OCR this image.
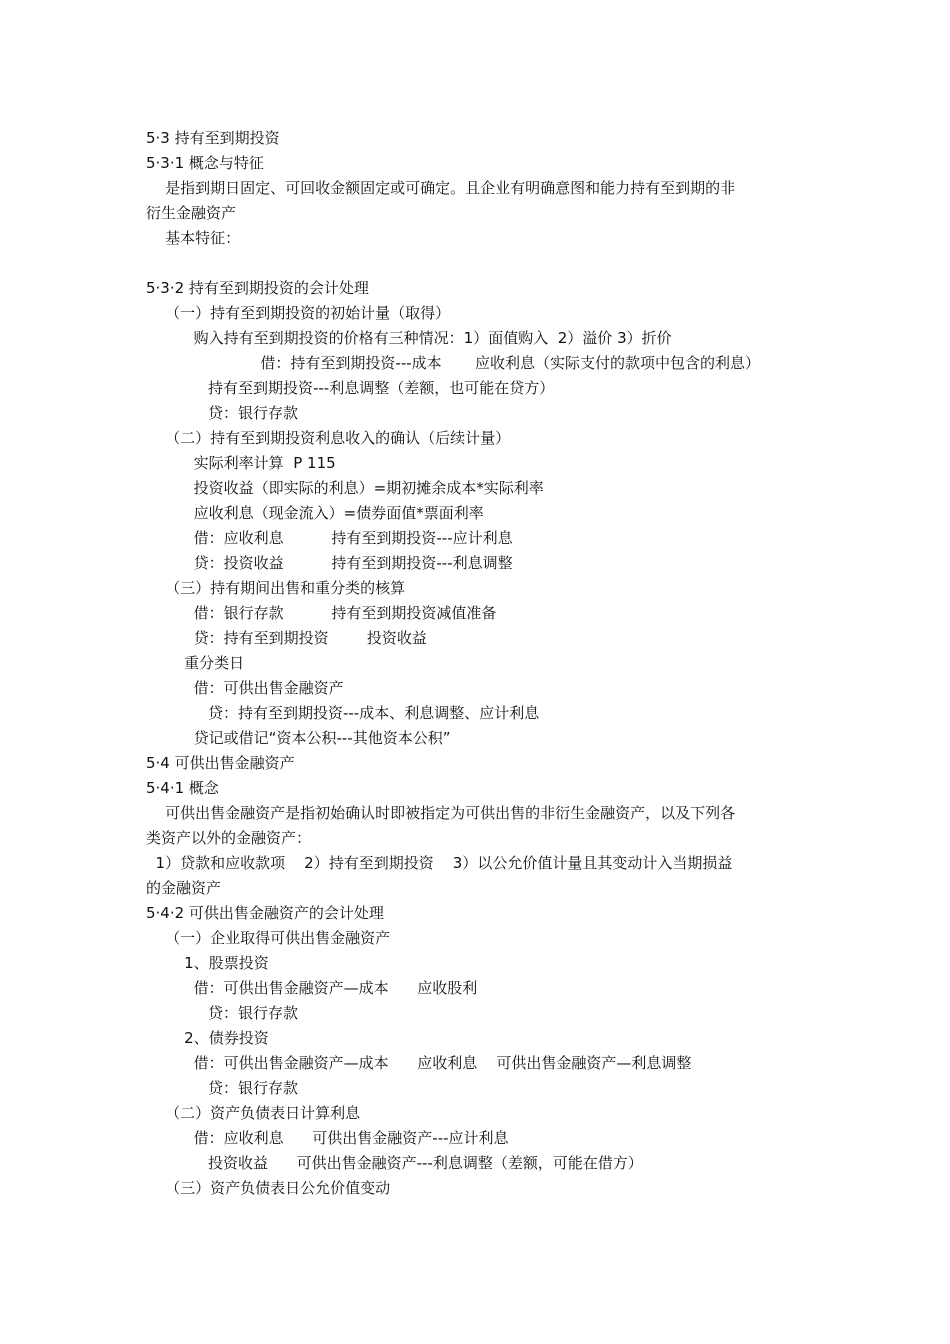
5·3 持有至到期投资
5·3·1 概念与特征
是指到期日固定、可回收金额固定或可确定。且企业有明确意图和能力持有至到期的非
衍生金融资产
基本特征：
5·3·2 持有至到期投资的会计处理
（一）持有至到期投资的初始计量（取得）
购入持有至到期投资的价格有三种情况：1）面值购入  2）溢价 3）折价
借：持有至到期投资---成本       应收利息（实际支付的款项中包含的利息）
持有至到期投资---利息调整（差额，也可能在贷方）
贷：银行存款
（二）持有至到期投资利息收入的确认（后续计量）
实际利率计算  P 115
投资收益（即实际的利息）=期初摊余成本*实际利率
应收利息（现金流入）=债券面值*票面利率
借：应收利息          持有至到期投资---应计利息
贷：投资收益          持有至到期投资---利息调整
（三）持有期间出售和重分类的核算
借：银行存款          持有至到期投资减值准备
贷：持有至到期投资        投资收益
重分类日
借：可供出售金融资产
贷：持有至到期投资---成本、利息调整、应计利息
贷记或借记“资本公积---其他资本公积”
5·4 可供出售金融资产
5·4·1 概念
可供出售金融资产是指初始确认时即被指定为可供出售的非衍生金融资产，以及下列各
类资产以外的金融资产：
1）贷款和应收款项    2）持有至到期投资    3）以公允价值计量且其变动计入当期损益
的金融资产
5·4·2 可供出售金融资产的会计处理
（一）企业取得可供出售金融资产
1、股票投资
借：可供出售金融资产—成本      应收股利
贷：银行存款
2、债券投资
借：可供出售金融资产—成本      应收利息    可供出售金融资产—利息调整
贷：银行存款
（二）资产负债表日计算利息
借：应收利息      可供出售金融资产---应计利息
投资收益      可供出售金融资产---利息调整（差额，可能在借方）
（三）资产负债表日公允价值变动
